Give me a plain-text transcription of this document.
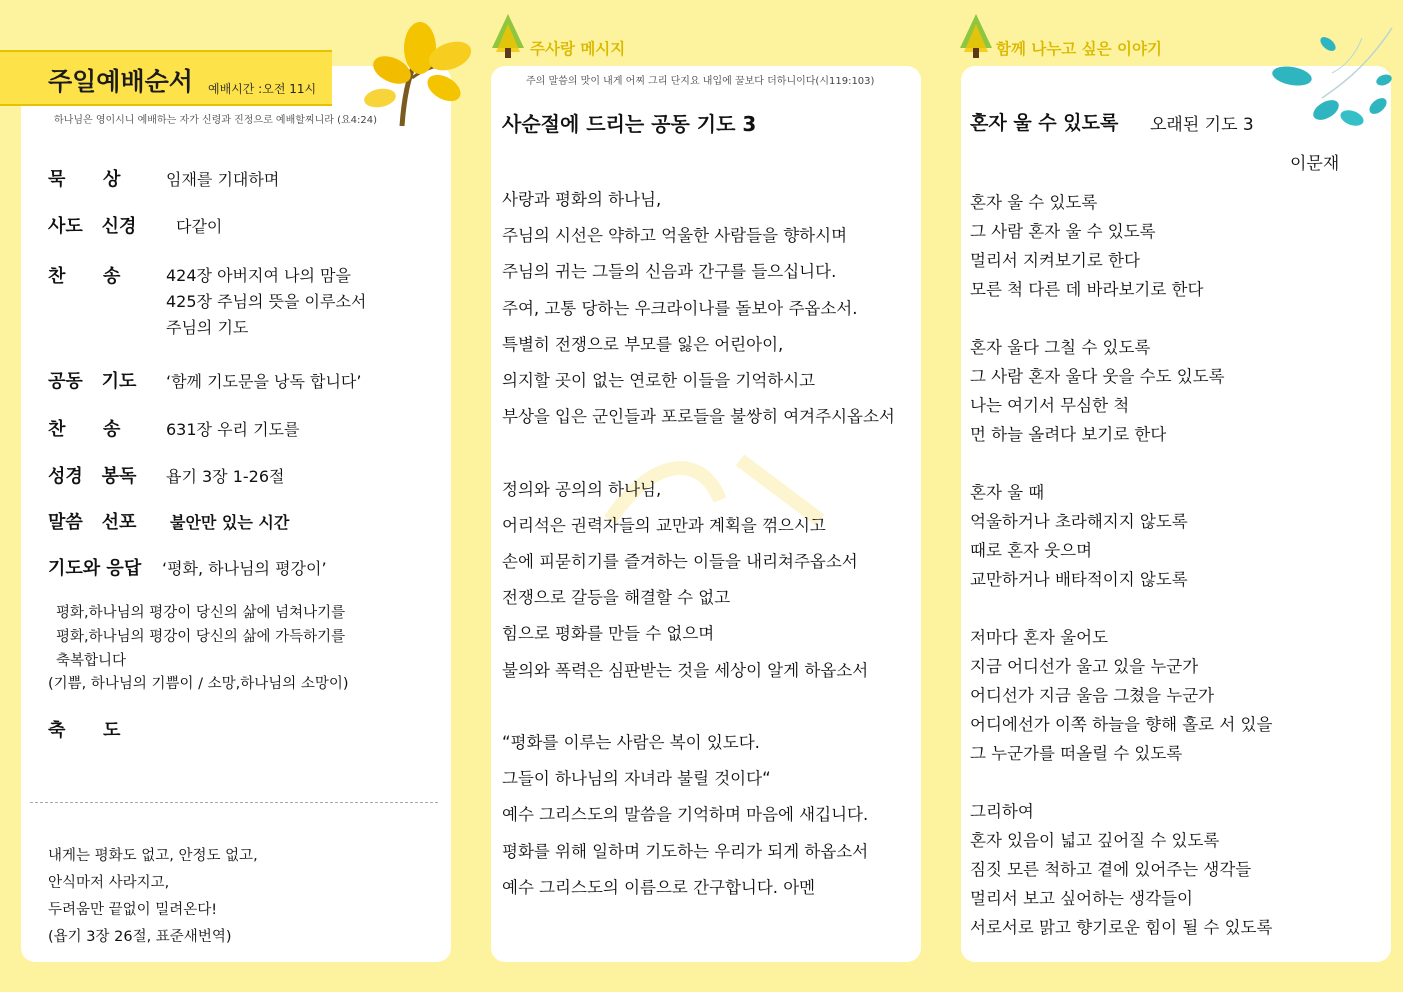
주일예배순서 예배시간 :오전 11시
하나님은 영이시니 예배하는 자가 신령과 진정으로 예배할찌니라 (요4:24)
묵      상	임재를 기대하며
사도   신경 다같이
찬      송	424장 아버지여 나의 맘을
425장 주님의 뜻을 이루소서
주님의 기도
공동   기도 ‘함께 기도문을 낭독 합니다’
찬      송	631장 우리 기도를
성경   봉독 욥기 3장 1-26절
말씀   선포 불안만 있는 시간
기도와 응답 ‘평화, 하나님의 평강이’
평화,하나님의 평강이 당신의 삶에 넘쳐나기를
평화,하나님의 평강이 당신의 삶에 가득하기를
축복합니다
(기쁨, 하나님의 기쁨이 / 소망,하나님의 소망이)
축      도
내게는 평화도 없고, 안정도 없고,
안식마저 사라지고,
두려움만 끝없이 밀려온다!
(욥기 3장 26절, 표준새번역)
주사랑 메시지
주의 말씀의 맛이 내게 어찌 그리 단지요 내입에 꿀보다 더하니이다(시119:103)
사순절에 드리는 공동 기도 3
사랑과 평화의 하나님,
주님의 시선은 약하고 억울한 사람들을 향하시며
주님의 귀는 그들의 신음과 간구를 들으십니다.
주여, 고통 당하는 우크라이나를 돌보아 주옵소서.
특별히 전쟁으로 부모를 잃은 어린아이,
의지할 곳이 없는 연로한 이들을 기억하시고
부상을 입은 군인들과 포로들을 불쌍히 여겨주시옵소서
정의와 공의의 하나님,
어리석은 권력자들의 교만과 계획을 꺾으시고
손에 피묻히기를 즐겨하는 이들을 내리쳐주옵소서
전쟁으로 갈등을 해결할 수 없고
힘으로 평화를 만들 수 없으며
불의와 폭력은 심판받는 것을 세상이 알게 하옵소서
“평화를 이루는 사람은 복이 있도다.
그들이 하나님의 자녀라 불릴 것이다“
예수 그리스도의 말씀을 기억하며 마음에 새깁니다.
평화를 위해 일하며 기도하는 우리가 되게 하옵소서
예수 그리스도의 이름으로 간구합니다. 아멘
함께 나누고 싶은 이야기
혼자 울 수 있도록 오래된 기도 3
이문재
혼자 울 수 있도록
그 사람 혼자 울 수 있도록
멀리서 지켜보기로 한다
모른 척 다른 데 바라보기로 한다
혼자 울다 그칠 수 있도록
그 사람 혼자 울다 웃을 수도 있도록
나는 여기서 무심한 척
먼 하늘 올려다 보기로 한다
혼자 울 때
억울하거나 초라해지지 않도록
때로 혼자 웃으며
교만하거나 배타적이지 않도록
저마다 혼자 울어도
지금 어디선가 울고 있을 누군가
어디선가 지금 울음 그쳤을 누군가
어디에선가 이쪽 하늘을 향해 홀로 서 있을
그 누군가를 떠올릴 수 있도록
그리하여
혼자 있음이 넓고 깊어질 수 있도록
짐짓 모른 척하고 곁에 있어주는 생각들
멀리서 보고 싶어하는 생각들이
서로서로 맑고 향기로운 힘이 될 수 있도록
